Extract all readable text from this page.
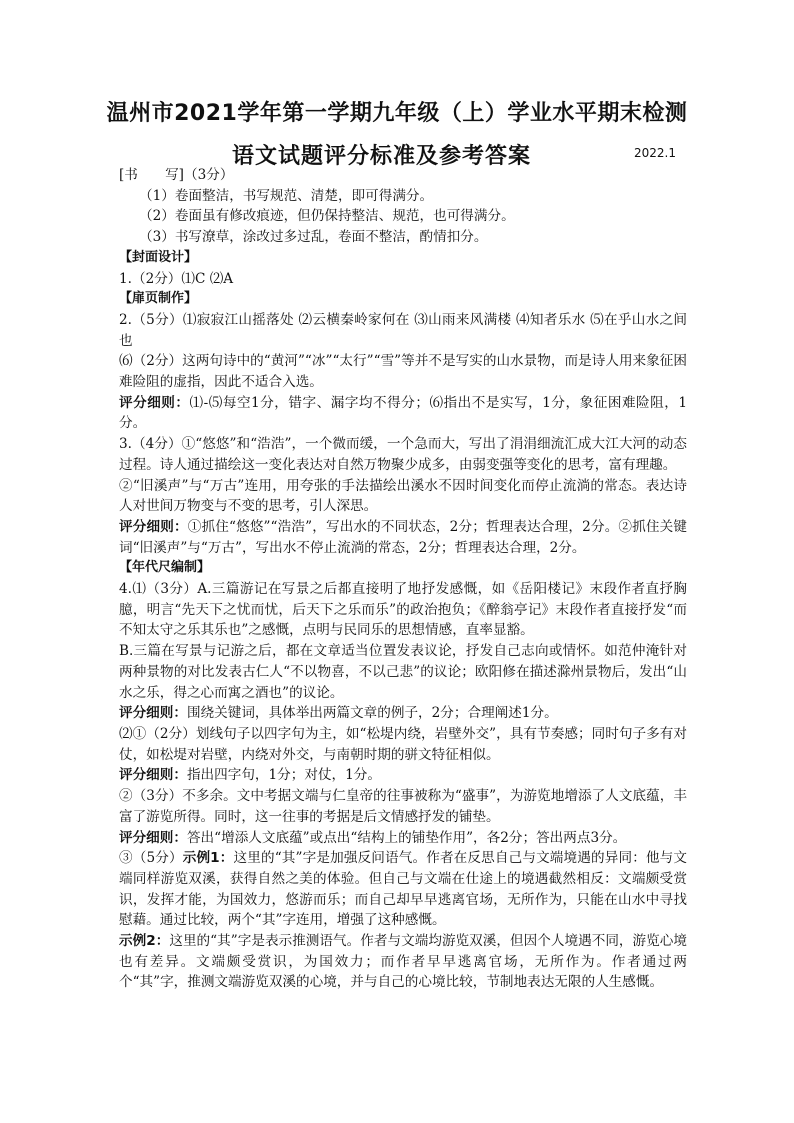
温州市2021学年第一学期九年级（上）学业水平期末检测
语文试题评分标准及参考答案	2022.1

[书　　写]（3分）

（1）卷面整洁，书写规范、清楚，即可得满分。

（2）卷面虽有修改痕迹，但仍保持整洁、规范，也可得满分。

（3）书写潦草，涂改过多过乱，卷面不整洁，酌情扣分。

【封面设计】

1.（2分）⑴C ⑵A

【扉页制作】

2.（5分）⑴寂寂江山摇落处 ⑵云横秦岭家何在 ⑶山雨来风满楼 ⑷知者乐水 ⑸在乎山水之间也

⑹（2分）这两句诗中的“黄河”“冰”“太行”“雪”等并不是写实的山水景物，而是诗人用来象征困难险阻的虚指，因此不适合入选。

评分细则：⑴-⑸每空1分，错字、漏字均不得分；⑹指出不是实写，1分，象征困难险阻，1分。

3.（4分）①“悠悠”和“浩浩”，一个微而缓，一个急而大，写出了涓涓细流汇成大江大河的动态过程。诗人通过描绘这一变化表达对自然万物聚少成多，由弱变强等变化的思考，富有理趣。

②“旧溪声”与“万古”连用，用夸张的手法描绘出溪水不因时间变化而停止流淌的常态。表达诗人对世间万物变与不变的思考，引人深思。

评分细则：①抓住“悠悠”“浩浩”，写出水的不同状态，2分；哲理表达合理，2分。②抓住关键词“旧溪声”与“万古”，写出水不停止流淌的常态，2分；哲理表达合理，2分。

【年代尺编制】

4.⑴（3分）A.三篇游记在写景之后都直接明了地抒发感慨，如《岳阳楼记》末段作者直抒胸臆，明言“先天下之忧而忧，后天下之乐而乐”的政治抱负；《醉翁亭记》末段作者直接抒发“而不知太守之乐其乐也”之感慨，点明与民同乐的思想情感，直率显豁。

B.三篇在写景与记游之后，都在文章适当位置发表议论，抒发自己志向或情怀。如范仲淹针对两种景物的对比发表古仁人“不以物喜，不以己悲”的议论；欧阳修在描述滁州景物后，发出“山水之乐，得之心而寓之酒也”的议论。

评分细则：围绕关键词，具体举出两篇文章的例子，2分；合理阐述1分。

⑵①（2分）划线句子以四字句为主，如“松堤内绕，岩壁外交”，具有节奏感；同时句子多有对仗，如松堤对岩壁，内绕对外交，与南朝时期的骈文特征相似。

评分细则：指出四字句，1分；对仗，1分。

②（3分）不多余。文中考据文端与仁皇帝的往事被称为“盛事”，为游览地增添了人文底蕴，丰富了游览所得。同时，这一往事的考据是后文情感抒发的铺垫。

评分细则：答出“增添人文底蕴”或点出“结构上的铺垫作用”，各2分；答出两点3分。

③（5分）示例1：这里的“其”字是加强反问语气。作者在反思自己与文端境遇的异同：他与文端同样游览双溪，获得自然之美的体验。但自己与文端在仕途上的境遇截然相反：文端颇受赏识，发挥才能，为国效力，悠游而乐；而自己却早早逃离官场，无所作为，只能在山水中寻找慰藉。通过比较，两个“其”字连用，增强了这种感慨。

示例2：这里的“其”字是表示推测语气。作者与文端均游览双溪，但因个人境遇不同，游览心境也有差异。文端颇受赏识，为国效力；而作者早早逃离官场，无所作为。作者通过两个“其”字，推测文端游览双溪的心境，并与自己的心境比较，节制地表达无限的人生感慨。
